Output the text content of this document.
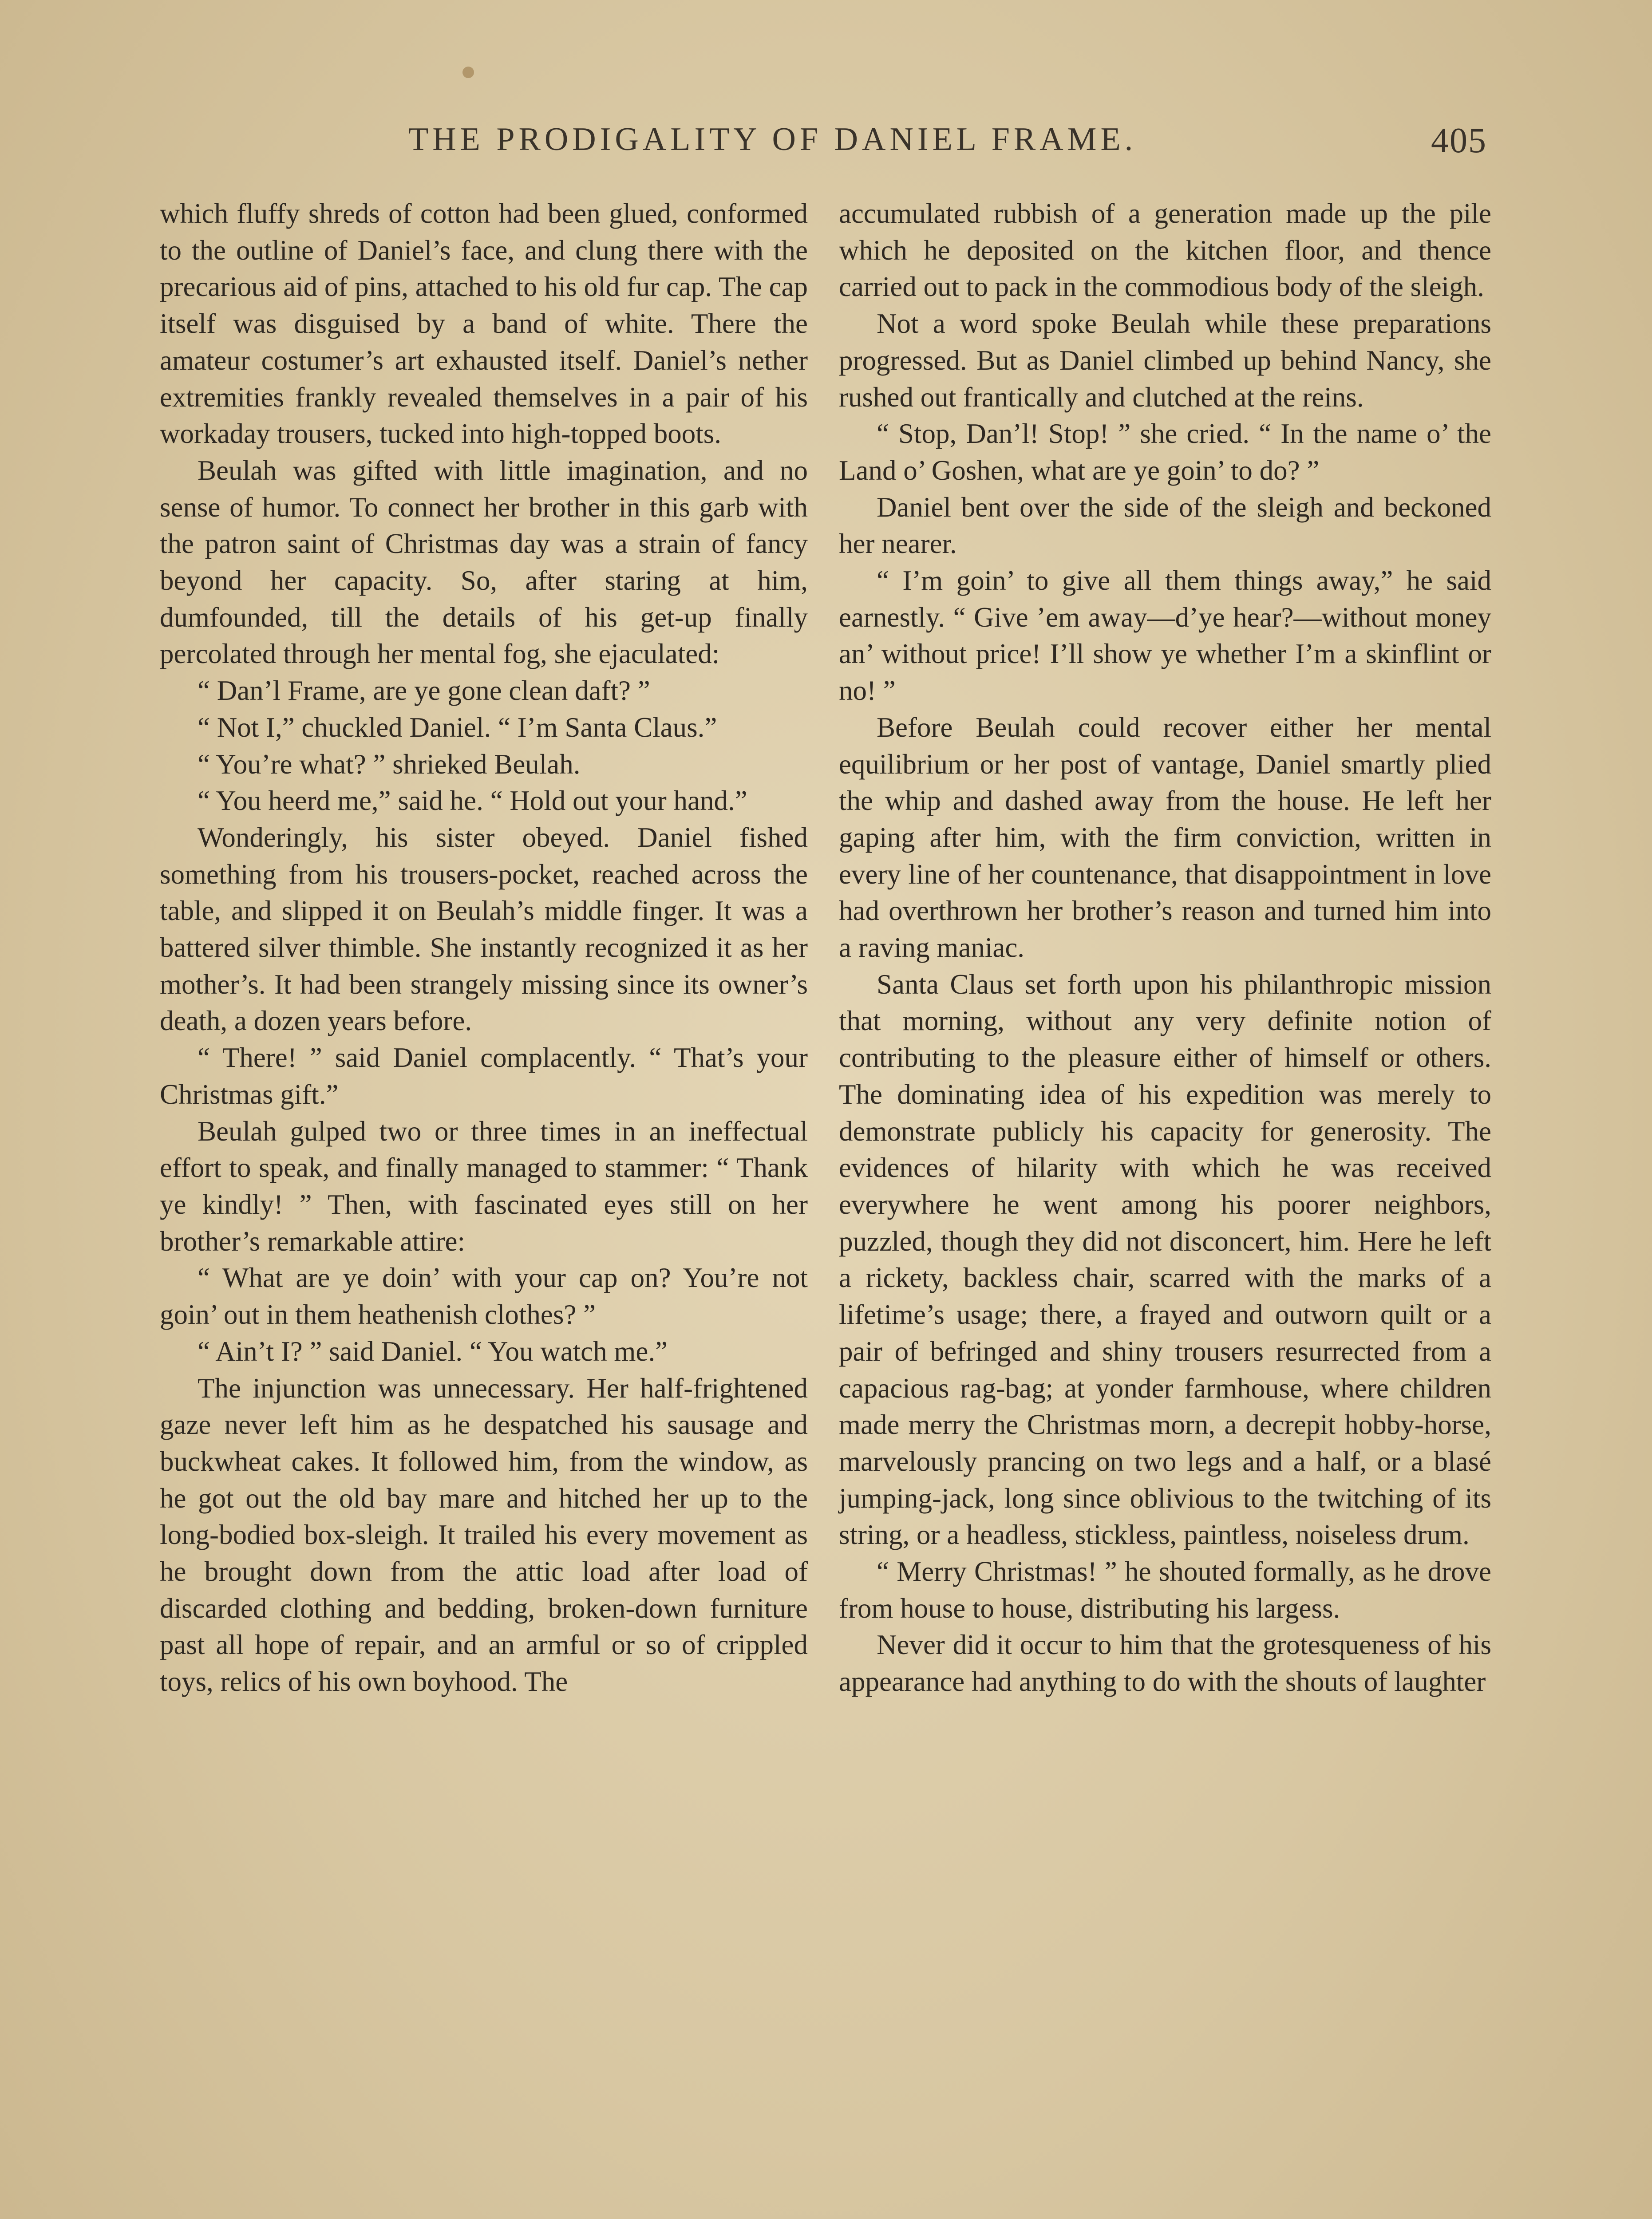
THE PRODIGALITY OF DANIEL FRAME.	405

which fluffy shreds of cotton had been glued, conformed to the outline of Daniel’s face, and clung there with the precarious aid of pins, attached to his old fur cap. The cap itself was disguised by a band of white. There the amateur costumer’s art exhausted itself. Daniel’s nether extremities frankly revealed themselves in a pair of his workaday trousers, tucked into high-topped boots.

Beulah was gifted with little imagination, and no sense of humor. To connect her brother in this garb with the patron saint of Christmas day was a strain of fancy beyond her capacity. So, after staring at him, dumfounded, till the details of his get-up finally percolated through her mental fog, she ejaculated:

“ Dan’l Frame, are ye gone clean daft? ”

“ Not I,” chuckled Daniel. “ I’m Santa Claus.”

“ You’re what? ” shrieked Beulah.

“ You heerd me,” said he. “ Hold out your hand.”

Wonderingly, his sister obeyed. Daniel fished something from his trousers-pocket, reached across the table, and slipped it on Beulah’s middle finger. It was a battered silver thimble. She instantly recognized it as her mother’s. It had been strangely missing since its owner’s death, a dozen years before.

“ There! ” said Daniel complacently. “ That’s your Christmas gift.”

Beulah gulped two or three times in an ineffectual effort to speak, and finally managed to stammer: “ Thank ye kindly! ” Then, with fascinated eyes still on her brother’s remarkable attire:

“ What are ye doin’ with your cap on? You’re not goin’ out in them heathenish clothes? ”

“ Ain’t I? ” said Daniel. “ You watch me.”

The injunction was unnecessary. Her half-frightened gaze never left him as he despatched his sausage and buckwheat cakes. It followed him, from the window, as he got out the old bay mare and hitched her up to the long-bodied box-sleigh. It trailed his every movement as he brought down from the attic load after load of discarded clothing and bedding, broken-down furniture past all hope of repair, and an armful or so of crippled toys, relics of his own boyhood. The

accumulated rubbish of a generation made up the pile which he deposited on the kitchen floor, and thence carried out to pack in the commodious body of the sleigh.

Not a word spoke Beulah while these preparations progressed. But as Daniel climbed up behind Nancy, she rushed out frantically and clutched at the reins.

“ Stop, Dan’l! Stop! ” she cried. “ In the name o’ the Land o’ Goshen, what are ye goin’ to do? ”

Daniel bent over the side of the sleigh and beckoned her nearer.

“ I’m goin’ to give all them things away,” he said earnestly. “ Give ’em away—d’ye hear?—without money an’ without price! I’ll show ye whether I’m a skinflint or no! ”

Before Beulah could recover either her mental equilibrium or her post of vantage, Daniel smartly plied the whip and dashed away from the house. He left her gaping after him, with the firm conviction, written in every line of her countenance, that disappointment in love had overthrown her brother’s reason and turned him into a raving maniac.

Santa Claus set forth upon his philanthropic mission that morning, without any very definite notion of contributing to the pleasure either of himself or others. The dominating idea of his expedition was merely to demonstrate publicly his capacity for generosity. The evidences of hilarity with which he was received everywhere he went among his poorer neighbors, puzzled, though they did not disconcert, him. Here he left a rickety, backless chair, scarred with the marks of a lifetime’s usage; there, a frayed and outworn quilt or a pair of befringed and shiny trousers resurrected from a capacious rag-bag; at yonder farmhouse, where children made merry the Christmas morn, a decrepit hobby-horse, marvelously prancing on two legs and a half, or a blasé jumping-jack, long since oblivious to the twitching of its string, or a headless, stickless, paintless, noiseless drum.

“ Merry Christmas! ” he shouted formally, as he drove from house to house, distributing his largess.

Never did it occur to him that the grotesqueness of his appearance had anything to do with the shouts of laughter
